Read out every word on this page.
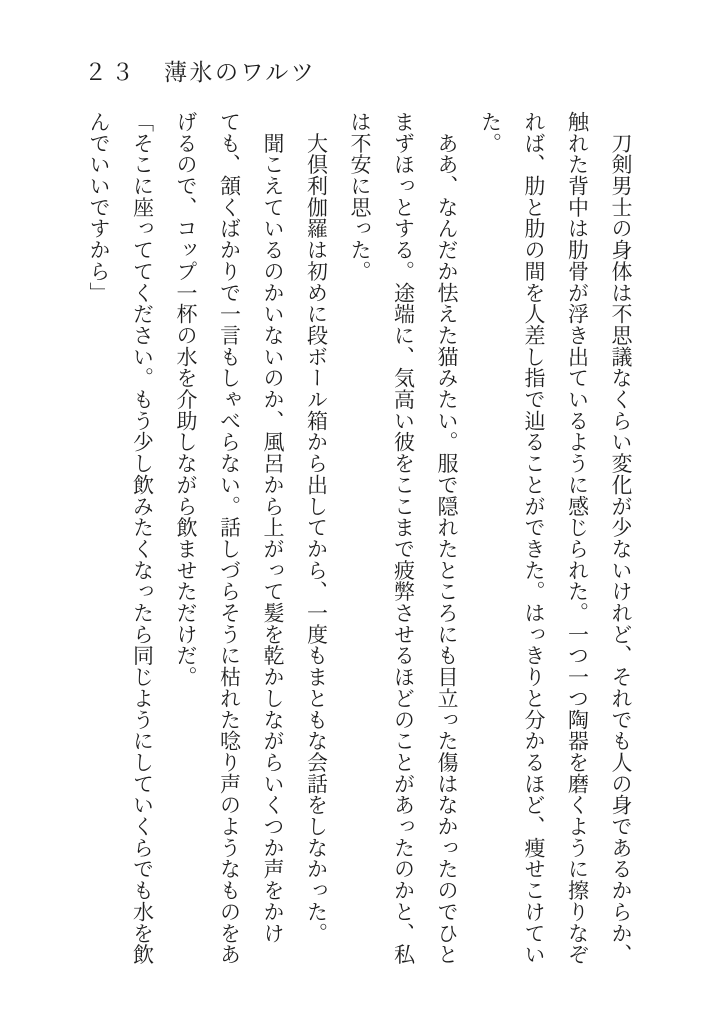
２３ 薄氷のワルツ
　刀剣男士の身体は不思議なくらい変化が少ないけれど、それでも人の身であるからか、
触れた背中は肋骨が浮き出ているように感じられた。一つ一つ陶器を磨くように擦りなぞ
れば、肋と肋の間を人差し指で辿ることができた。はっきりと分かるほど、痩せこけてい
た。
　ああ、なんだか怯えた猫みたい。服で隠れたところにも目立った傷はなかったのでひと
まずほっとする。途端に、気高い彼をここまで疲弊させるほどのことがあったのかと、私
は不安に思った。
　大倶利伽羅は初めに段ボール箱から出してから、一度もまともな会話をしなかった。
　聞こえているのかいないのか、風呂から上がって髪を乾かしながらいくつか声をかけ
ても、頷くばかりで一言もしゃべらない。話しづらそうに枯れた唸り声のようなものをあ
げるので、コップ一杯の水を介助しながら飲ませただけだ。
「そこに座っててください。もう少し飲みたくなったら同じようにしていくらでも水を飲
んでいいですから」
